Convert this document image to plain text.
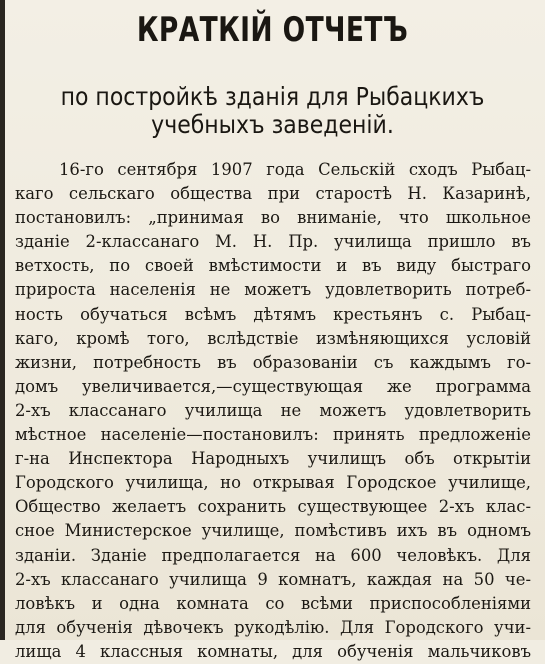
КРАТКІЙ ОТЧЕТЪ
по постройкѣ зданія для Рыбацкихъ
учебныхъ заведеній.
16-го сентября 1907 года Сельскій сходъ Рыбац-
каго сельскаго общества при старостѣ Н. Казаринѣ,
постановилъ: „принимая во вниманіе, что школьное
зданіе 2-классанаго М. Н. Пр. училища пришло въ
ветхость, по своей вмѣстимости и въ виду быстраго
прироста населенія не можетъ удовлетворить потреб-
ность обучаться всѣмъ дѣтямъ крестьянъ с. Рыбац-
каго, кромѣ того, вслѣдствіе измѣняющихся условій
жизни, потребность въ образованіи съ каждымъ го-
домъ увеличивается,—существующая же программа
2-хъ классанаго училища не можетъ удовлетворить
мѣстное населеніе—постановилъ: принять предложеніе
г-на Инспектора Народныхъ училищъ объ открытіи
Городского училища, но открывая Городское училище,
Общество желаетъ сохранить существующее 2-хъ клас-
сное Министерское училище, помѣстивъ ихъ въ одномъ
зданіи. Зданіе предполагается на 600 человѣкъ. Для
2-хъ классанаго училища 9 комнатъ, каждая на 50 че-
ловѣкъ и одна комната со всѣми приспособленіями
для обученія дѣвочекъ рукодѣлію. Для Городского учи-
лища 4 классныя комнаты, для обученія мальчиковъ
